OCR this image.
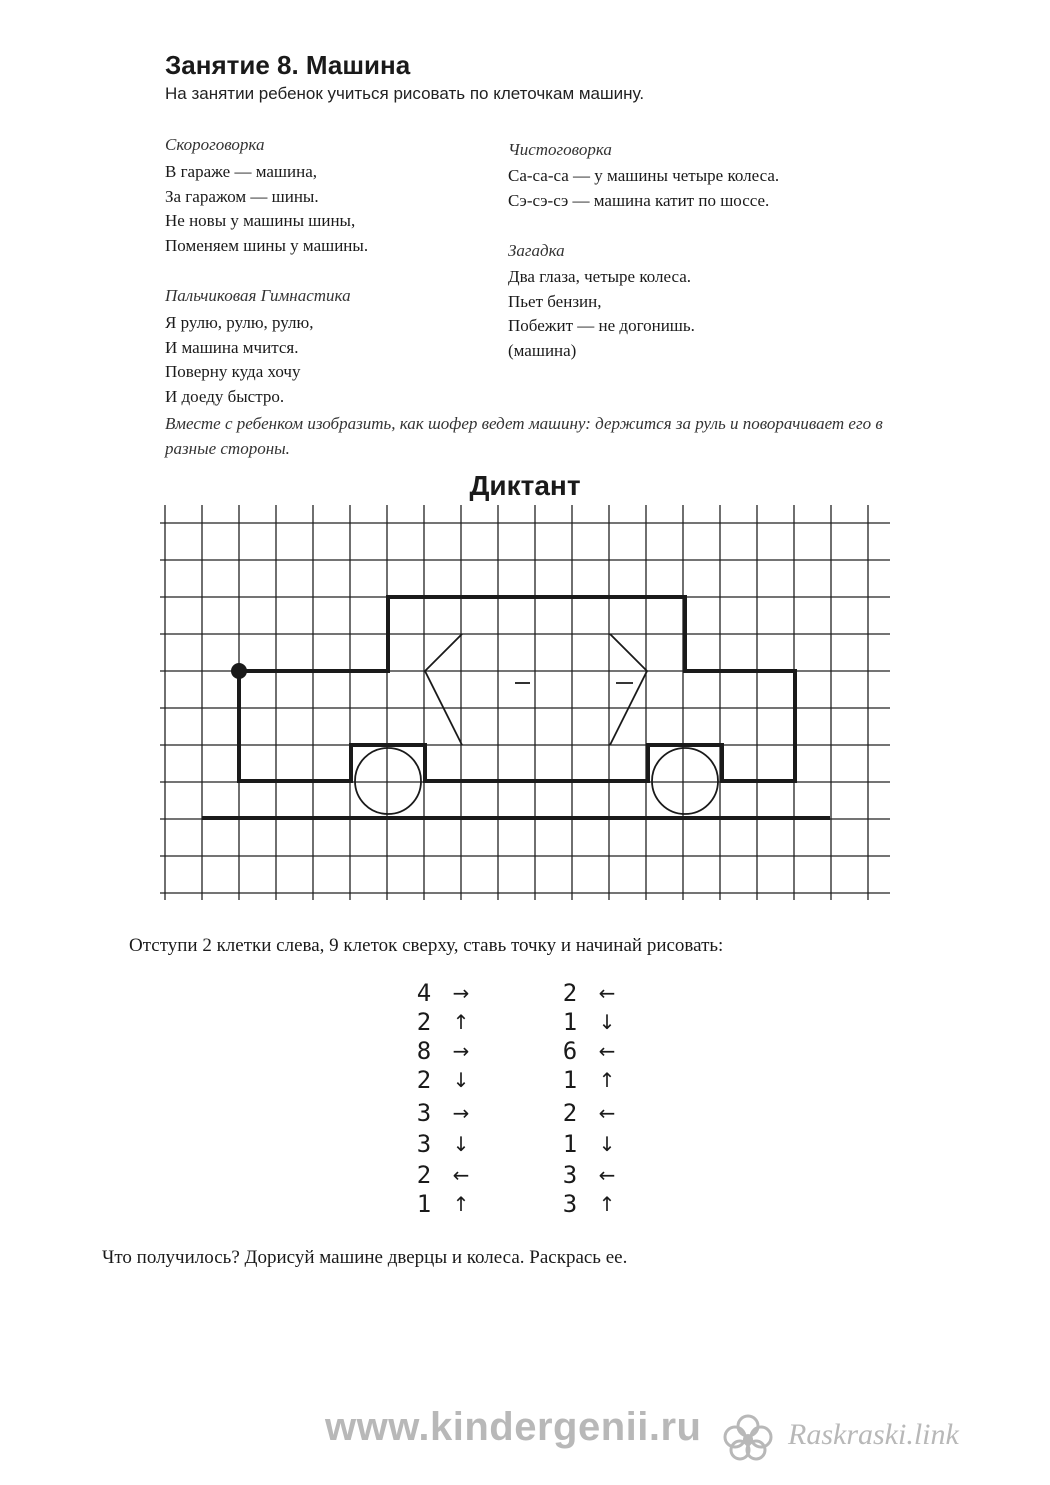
Занятие 8. Машина
На занятии ребенок учиться рисовать по клеточкам машину.
Скороговорка
В гараже — машина,
За гаражом — шины.
Не новы у машины шины,
Поменяем шины у машины.
Пальчиковая Гимнастика
Я рулю, рулю, рулю,
И машина мчится.
Поверну куда хочу
И доеду быстро.
Чистоговорка
Са-са-са — у машины четыре колеса.
Сэ-сэ-сэ — машина катит по шоссе.
Загадка
Два глаза, четыре колеса.
Пьет бензин,
Побежит — не догонишь.
(машина)
Вместе с ребенком изобразить, как шофер ведет машину: держится за руль и поворачивает его в разные стороны.
Диктант
Отступи 2 клетки слева, 9 клеток сверху, ставь точку и начинай рисовать:
4	→
2	↑
8	→
2	↓
3	→
3	↓
2	←
1	↑
2	←
1	↓
6	←
1	↑
2	←
1	↓
3	←
3	↑
Что получилось? Дорисуй машине дверцы и колеса. Раскрась ее.
www.kindergenii.ru	Raskraski.link
